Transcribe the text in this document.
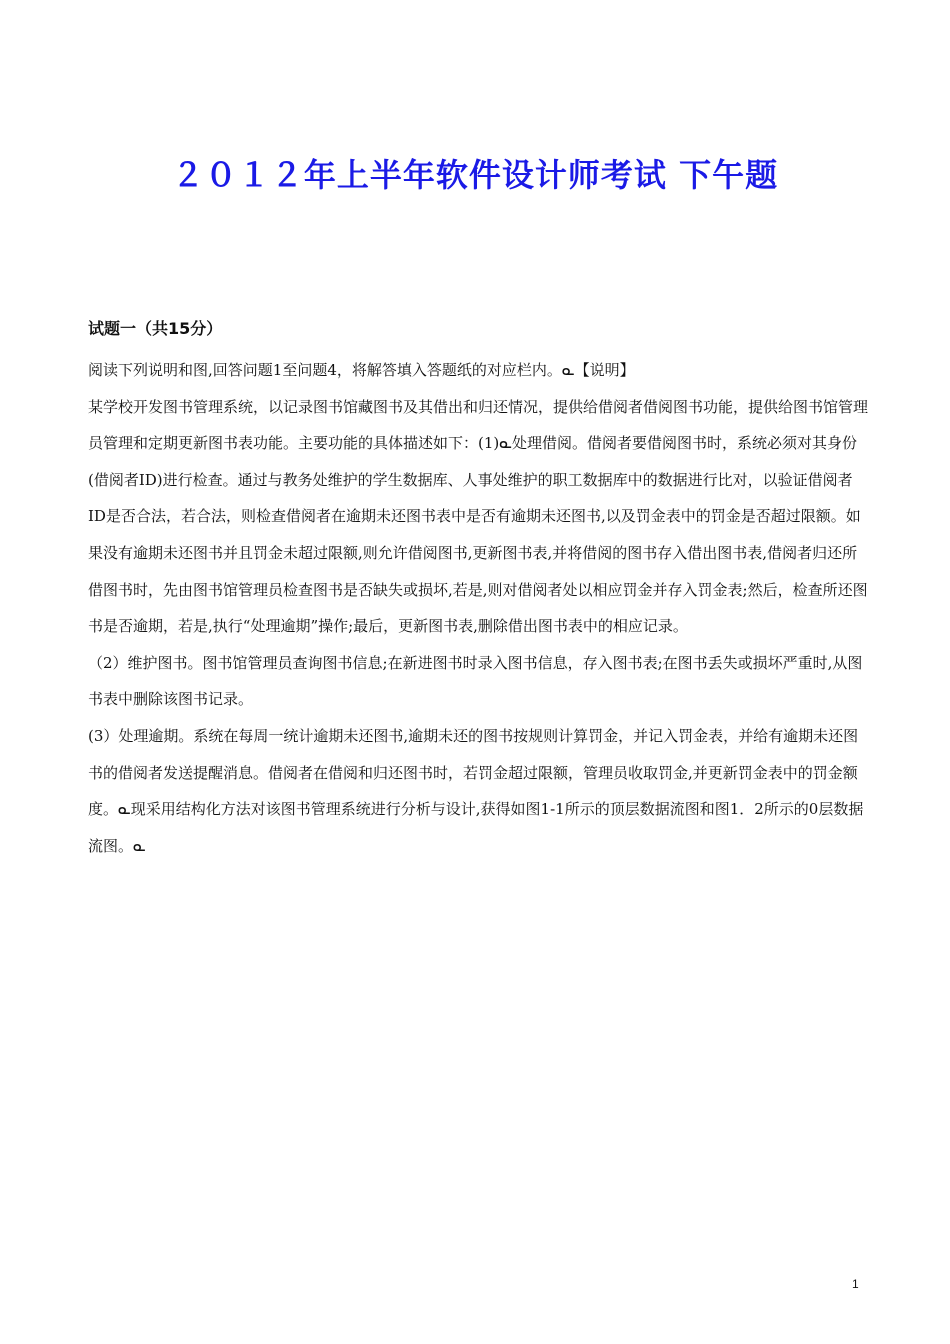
２０１２年上半年软件设计师考试 下午题
试题一（共15分）

阅读下列说明和图,回答问题1至问题4，将解答填入答题纸的对应栏内。ᓇ【说明】

某学校开发图书管理系统，以记录图书馆藏图书及其借出和归还情况，提供给借阅者借阅图书功能，提供给图书馆管理员管理和定期更新图书表功能。主要功能的具体描述如下：(1)ᓇ处理借阅。借阅者要借阅图书时，系统必须对其身份(借阅者ID)进行检查。通过与教务处维护的学生数据库、人事处维护的职工数据库中的数据进行比对，以验证借阅者ID是否合法，若合法，则检查借阅者在逾期未还图书表中是否有逾期未还图书,以及罚金表中的罚金是否超过限额。如果没有逾期未还图书并且罚金未超过限额,则允许借阅图书,更新图书表,并将借阅的图书存入借出图书表,借阅者归还所借图书时，先由图书馆管理员检查图书是否缺失或损坏,若是,则对借阅者处以相应罚金并存入罚金表;然后，检查所还图书是否逾期，若是,执行“处理逾期”操作;最后，更新图书表,删除借出图书表中的相应记录。

（2）维护图书。图书馆管理员查询图书信息;在新进图书时录入图书信息，存入图书表;在图书丢失或损坏严重时,从图书表中删除该图书记录。

(3）处理逾期。系统在每周一统计逾期未还图书,逾期未还的图书按规则计算罚金，并记入罚金表，并给有逾期未还图书的借阅者发送提醒消息。借阅者在借阅和归还图书时，若罚金超过限额，管理员收取罚金,并更新罚金表中的罚金额度。ᓇ现采用结构化方法对该图书管理系统进行分析与设计,获得如图1-1所示的顶层数据流图和图1．2所示的0层数据流图。ᓇ

1
